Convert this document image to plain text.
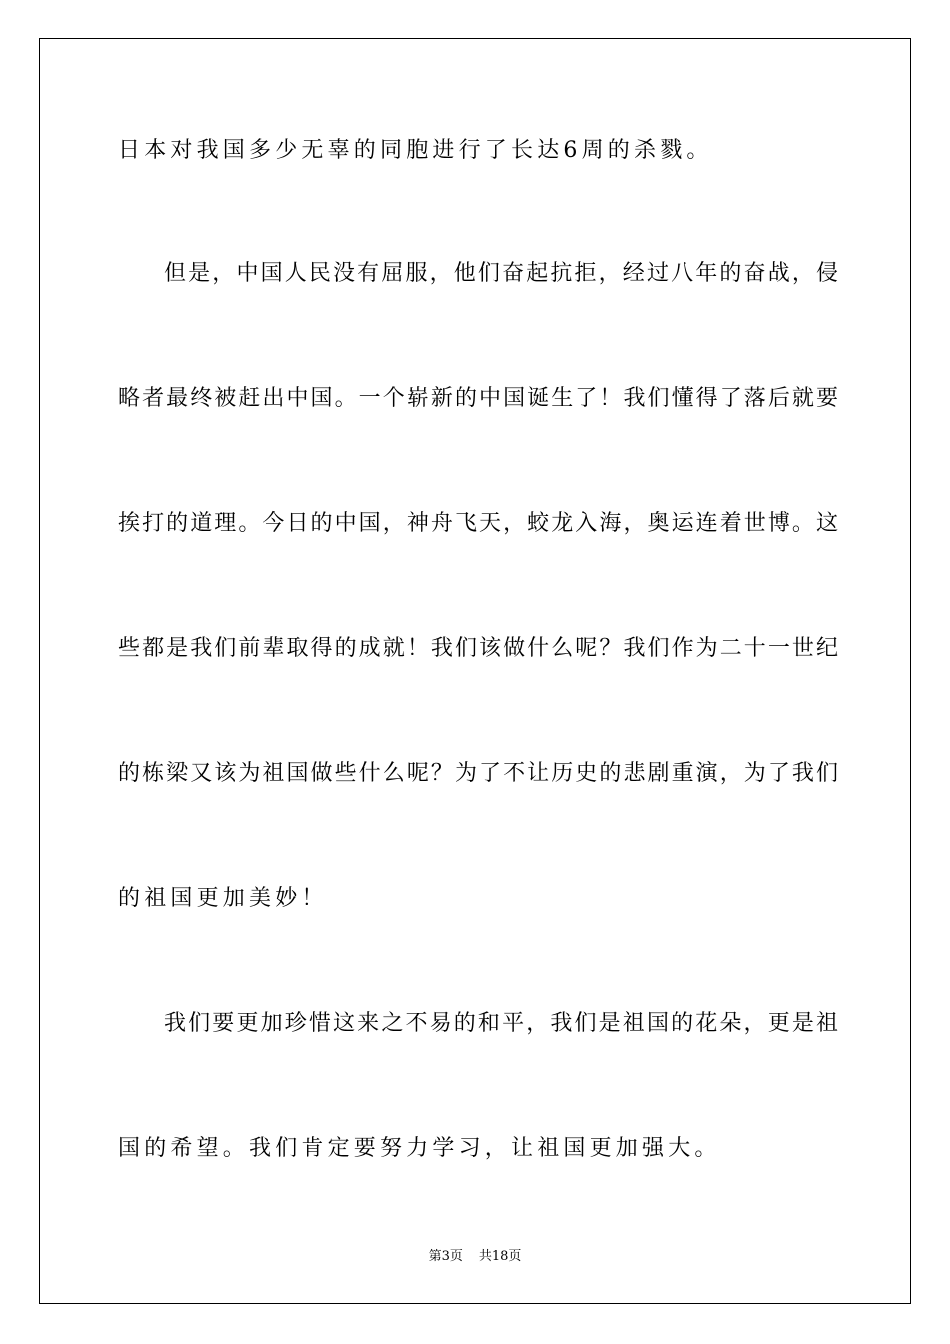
日本对我国多少无辜的同胞进行了长达6周的杀戮。
但是，中国人民没有屈服，他们奋起抗拒，经过八年的奋战，侵
略者最终被赶出中国。一个崭新的中国诞生了！我们懂得了落后就要
挨打的道理。今日的中国，神舟飞天，蛟龙入海，奥运连着世博。这
些都是我们前辈取得的成就！我们该做什么呢？我们作为二十一世纪
的栋梁又该为祖国做些什么呢？为了不让历史的悲剧重演，为了我们
的祖国更加美妙！
我们要更加珍惜这来之不易的和平，我们是祖国的花朵，更是祖
国的希望。我们肯定要努力学习，让祖国更加强大。
第3页 共18页
